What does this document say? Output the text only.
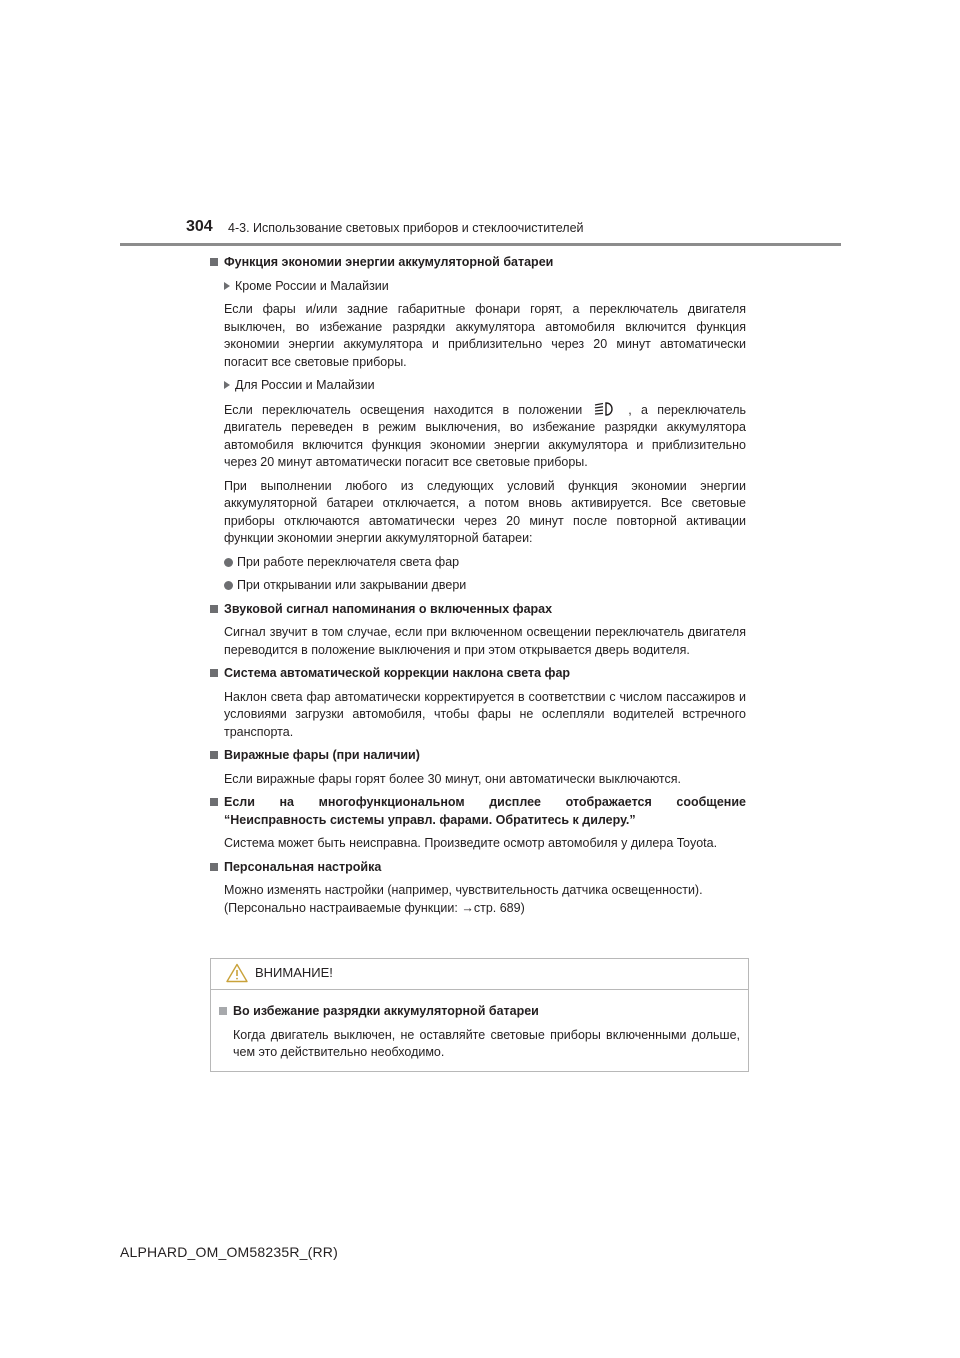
304 4-3. Использование световых приборов и стеклоочистителей
Функция экономии энергии аккумуляторной батареи
Кроме России и Малайзии
Если фары и/или задние габаритные фонари горят, а переключатель двигателя выключен, во избежание разрядки аккумулятора автомобиля включится функция экономии энергии аккумулятора и приблизительно через 20 минут автоматически погасит все световые приборы.
Для России и Малайзии
Если переключатель освещения находится в положении	, а переключатель двигатель переведен в режим выключения, во избежание разрядки аккумулятора автомобиля включится функция экономии энергии аккумулятора и приблизительно через 20 минут автоматически погасит все световые приборы.
При выполнении любого из следующих условий функция экономии энергии аккумуляторной батареи отключается, а потом вновь активируется. Все световые приборы отключаются автоматически через 20 минут после повторной активации функции экономии энергии аккумуляторной батареи:
При работе переключателя света фар
При открывании или закрывании двери
Звуковой сигнал напоминания о включенных фарах
Сигнал звучит в том случае, если при включенном освещении переключатель двигателя переводится в положение выключения и при этом открывается дверь водителя.
Система автоматической коррекции наклона света фар
Наклон света фар автоматически корректируется в соответствии с числом пассажиров и условиями загрузки автомобиля, чтобы фары не ослепляли водителей встречного транспорта.
Виражные фары (при наличии)
Если виражные фары горят более 30 минут, они автоматически выключаются.
Если на многофункциональном дисплее отображается сообщение “Неисправность системы управл. фарами. Обратитесь к дилеру.”
Система может быть неисправна. Произведите осмотр автомобиля у дилера Toyota.
Персональная настройка
Можно изменять настройки (например, чувствительность датчика освещенности).
(Персонально настраиваемые функции: →стр. 689)
ВНИМАНИЕ!
Во избежание разрядки аккумуляторной батареи
Когда двигатель выключен, не оставляйте световые приборы включенными дольше, чем это действительно необходимо.
ALPHARD_OM_OM58235R_(RR)
